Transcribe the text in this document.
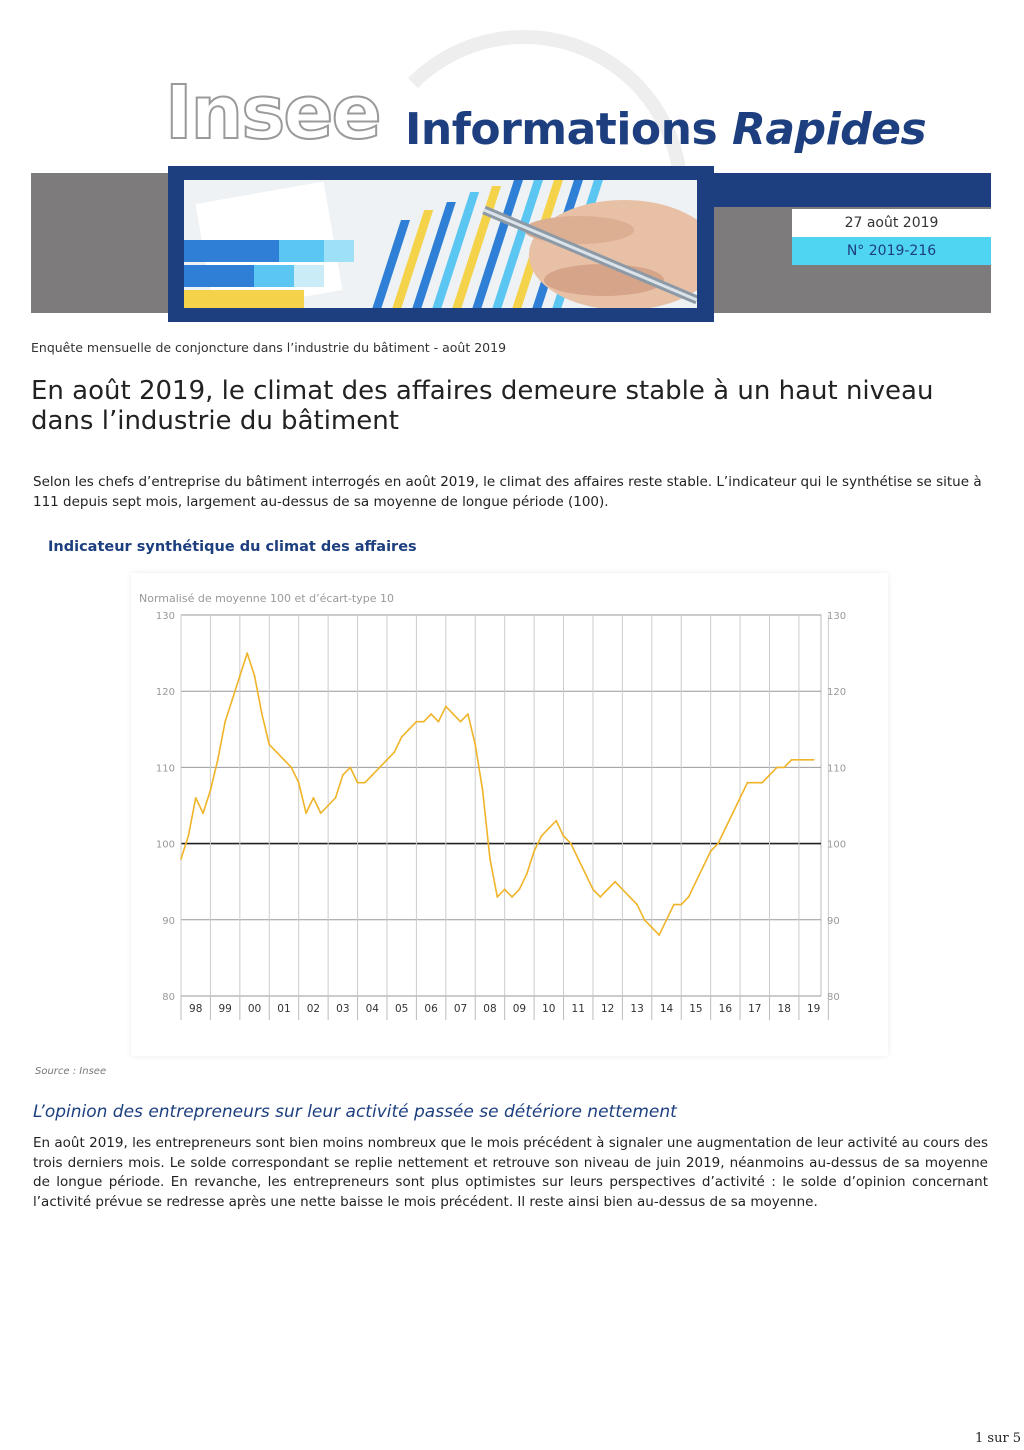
Insee Informations Rapides
27 août 2019
N° 2019-216
Enquête mensuelle de conjoncture dans l’industrie du bâtiment - août 2019
En août 2019, le climat des affaires demeure stable à un haut niveau dans l’industrie du bâtiment
Selon les chefs d’entreprise du bâtiment interrogés en août 2019, le climat des affaires reste stable. L’indicateur qui le synthétise se situe à 111 depuis sept mois, largement au-dessus de sa moyenne de longue période (100).
Indicateur synthétique du climat des affaires
Normalisé de moyenne 100 et d’écart-type 10
80	80
90	90
100	100
110	110
120	120
130	130
98 99 00 01 02 03 04 05 06 07 08 09 10 11 12 13 14 15 16 17 18 19
Source : Insee
L’opinion des entrepreneurs sur leur activité passée se détériore nettement
En août 2019, les entrepreneurs sont bien moins nombreux que le mois précédent à signaler une augmentation de leur activité au cours des trois derniers mois. Le solde correspondant se replie nettement et retrouve son niveau de juin 2019, néanmoins au-dessus de sa moyenne de longue période. En revanche, les entrepreneurs sont plus optimistes sur leurs perspectives d’activité : le solde d’opinion concernant l’activité prévue se redresse après une nette baisse le mois précédent. Il reste ainsi bien au-dessus de sa moyenne.
1 sur 5
